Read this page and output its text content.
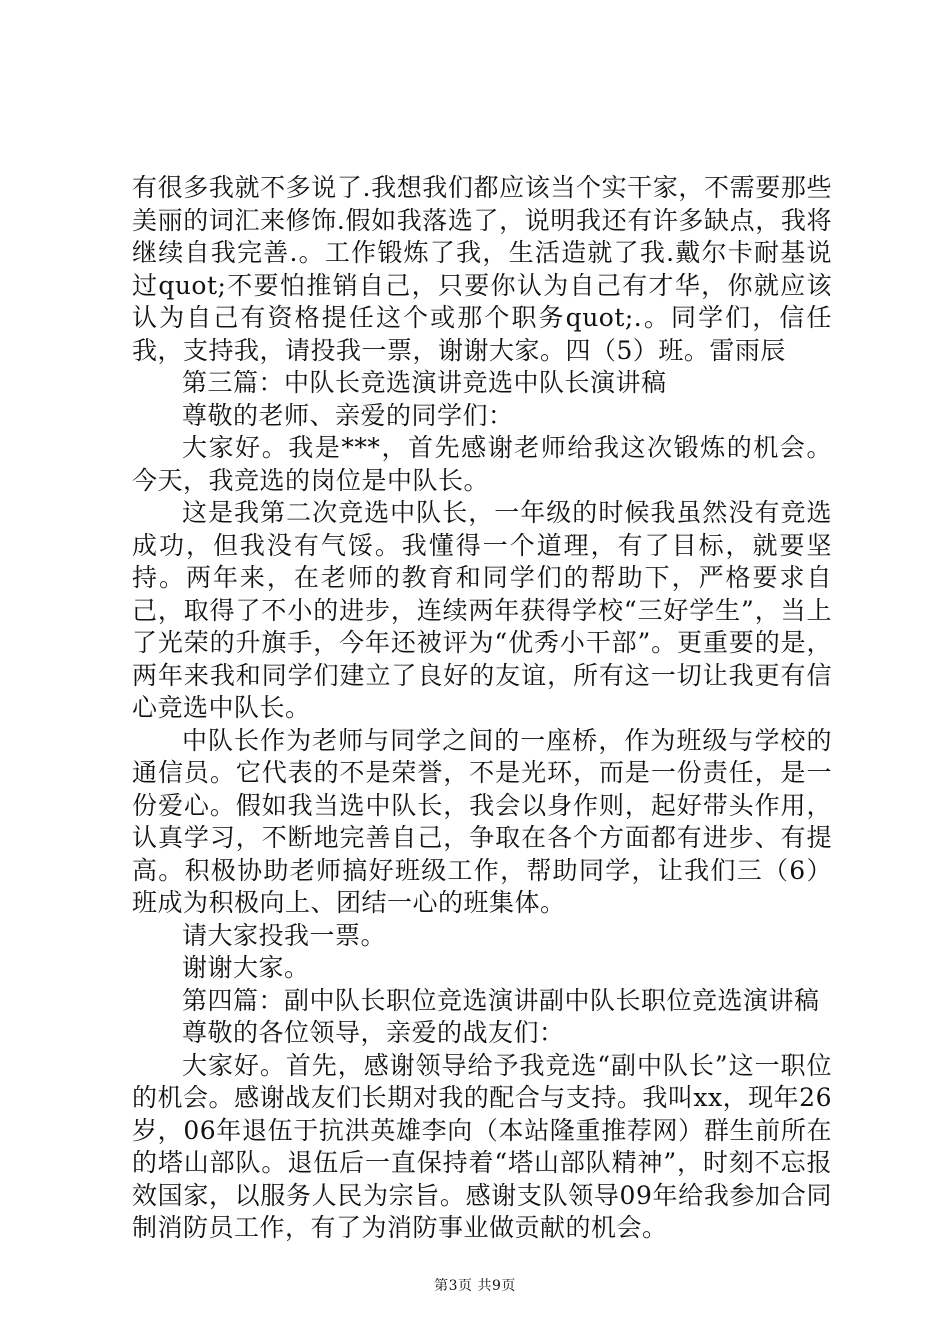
有很多我就不多说了.我想我们都应该当个实干家，不需要那些美丽的词汇来修饰.假如我落选了，说明我还有许多缺点，我将继续自我完善.。工作锻炼了我，生活造就了我.戴尔卡耐基说过quot;不要怕推销自己，只要你认为自己有才华，你就应该认为自己有资格提任这个或那个职务quot;.。同学们，信任我，支持我，请投我一票，谢谢大家。四（5）班。雷雨辰

第三篇：中队长竞选演讲竞选中队长演讲稿

尊敬的老师、亲爱的同学们：

大家好。我是***，首先感谢老师给我这次锻炼的机会。今天，我竞选的岗位是中队长。

这是我第二次竞选中队长，一年级的时候我虽然没有竞选成功，但我没有气馁。我懂得一个道理，有了目标，就要坚持。两年来，在老师的教育和同学们的帮助下，严格要求自己，取得了不小的进步，连续两年获得学校“三好学生”，当上了光荣的升旗手，今年还被评为“优秀小干部”。更重要的是，两年来我和同学们建立了良好的友谊，所有这一切让我更有信心竞选中队长。

中队长作为老师与同学之间的一座桥，作为班级与学校的通信员。它代表的不是荣誉，不是光环，而是一份责任，是一份爱心。假如我当选中队长，我会以身作则，起好带头作用，认真学习，不断地完善自己，争取在各个方面都有进步、有提高。积极协助老师搞好班级工作，帮助同学，让我们三（6）班成为积极向上、团结一心的班集体。

请大家投我一票。

谢谢大家。

第四篇：副中队长职位竞选演讲副中队长职位竞选演讲稿

尊敬的各位领导，亲爱的战友们：

大家好。首先，感谢领导给予我竞选“副中队长”这一职位的机会。感谢战友们长期对我的配合与支持。我叫xx，现年26岁，06年退伍于抗洪英雄李向（本站隆重推荐网）群生前所在的塔山部队。退伍后一直保持着“塔山部队精神”，时刻不忘报效国家，以服务人民为宗旨。感谢支队领导09年给我参加合同制消防员工作，有了为消防事业做贡献的机会。

第3页 共9页
